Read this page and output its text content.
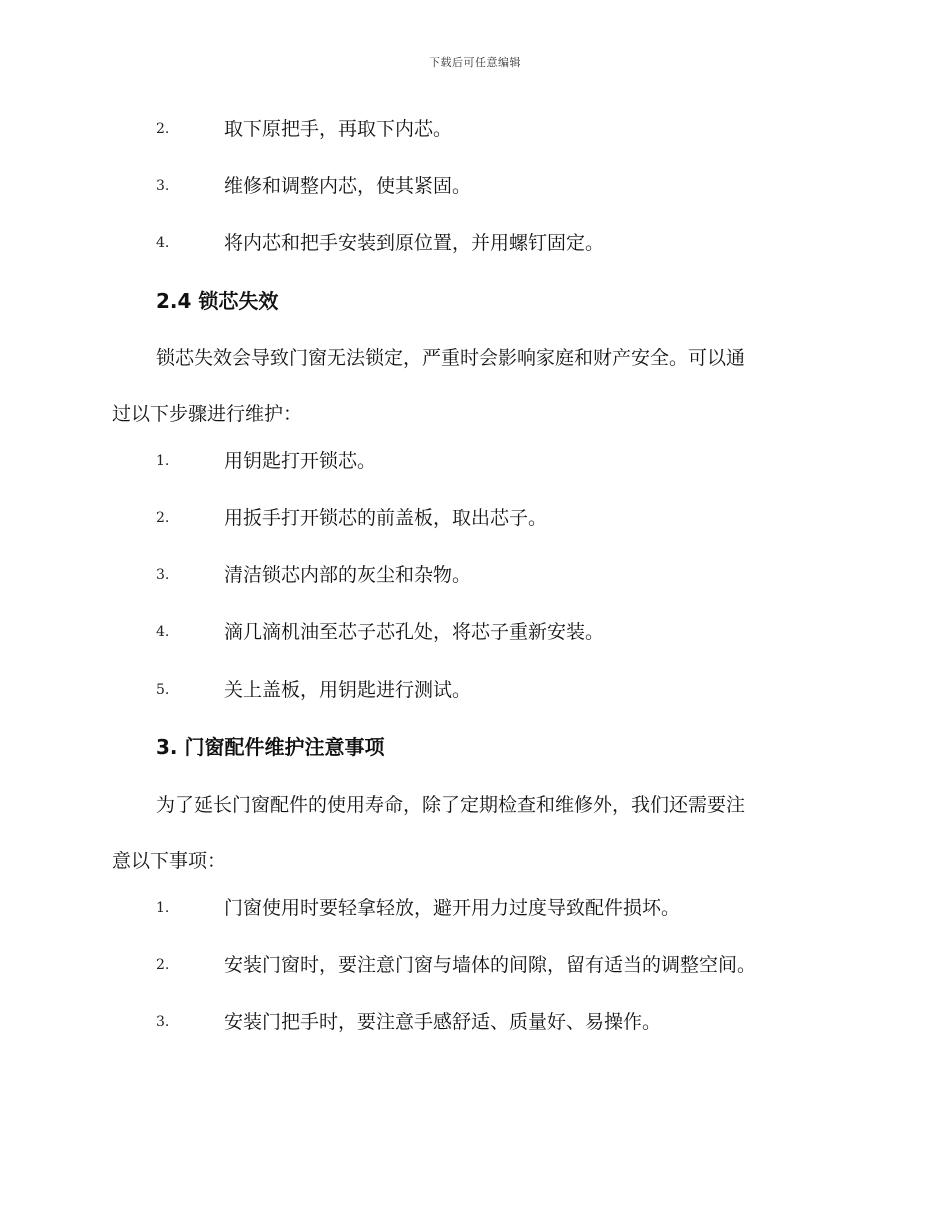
下载后可任意编辑
2.	取下原把手，再取下内芯。
3.	维修和调整内芯，使其紧固。
4.	将内芯和把手安装到原位置，并用螺钉固定。
2.4 锁芯失效
锁芯失效会导致门窗无法锁定，严重时会影响家庭和财产安全。可以通
过以下步骤进行维护：
1.	用钥匙打开锁芯。
2.	用扳手打开锁芯的前盖板，取出芯子。
3.	清洁锁芯内部的灰尘和杂物。
4.	滴几滴机油至芯子芯孔处，将芯子重新安装。
5.	关上盖板，用钥匙进行测试。
3. 门窗配件维护注意事项
为了延长门窗配件的使用寿命，除了定期检查和维修外，我们还需要注
意以下事项：
1.	门窗使用时要轻拿轻放，避开用力过度导致配件损坏。
2.	安装门窗时，要注意门窗与墙体的间隙，留有适当的调整空间。
3.	安装门把手时，要注意手感舒适、质量好、易操作。
